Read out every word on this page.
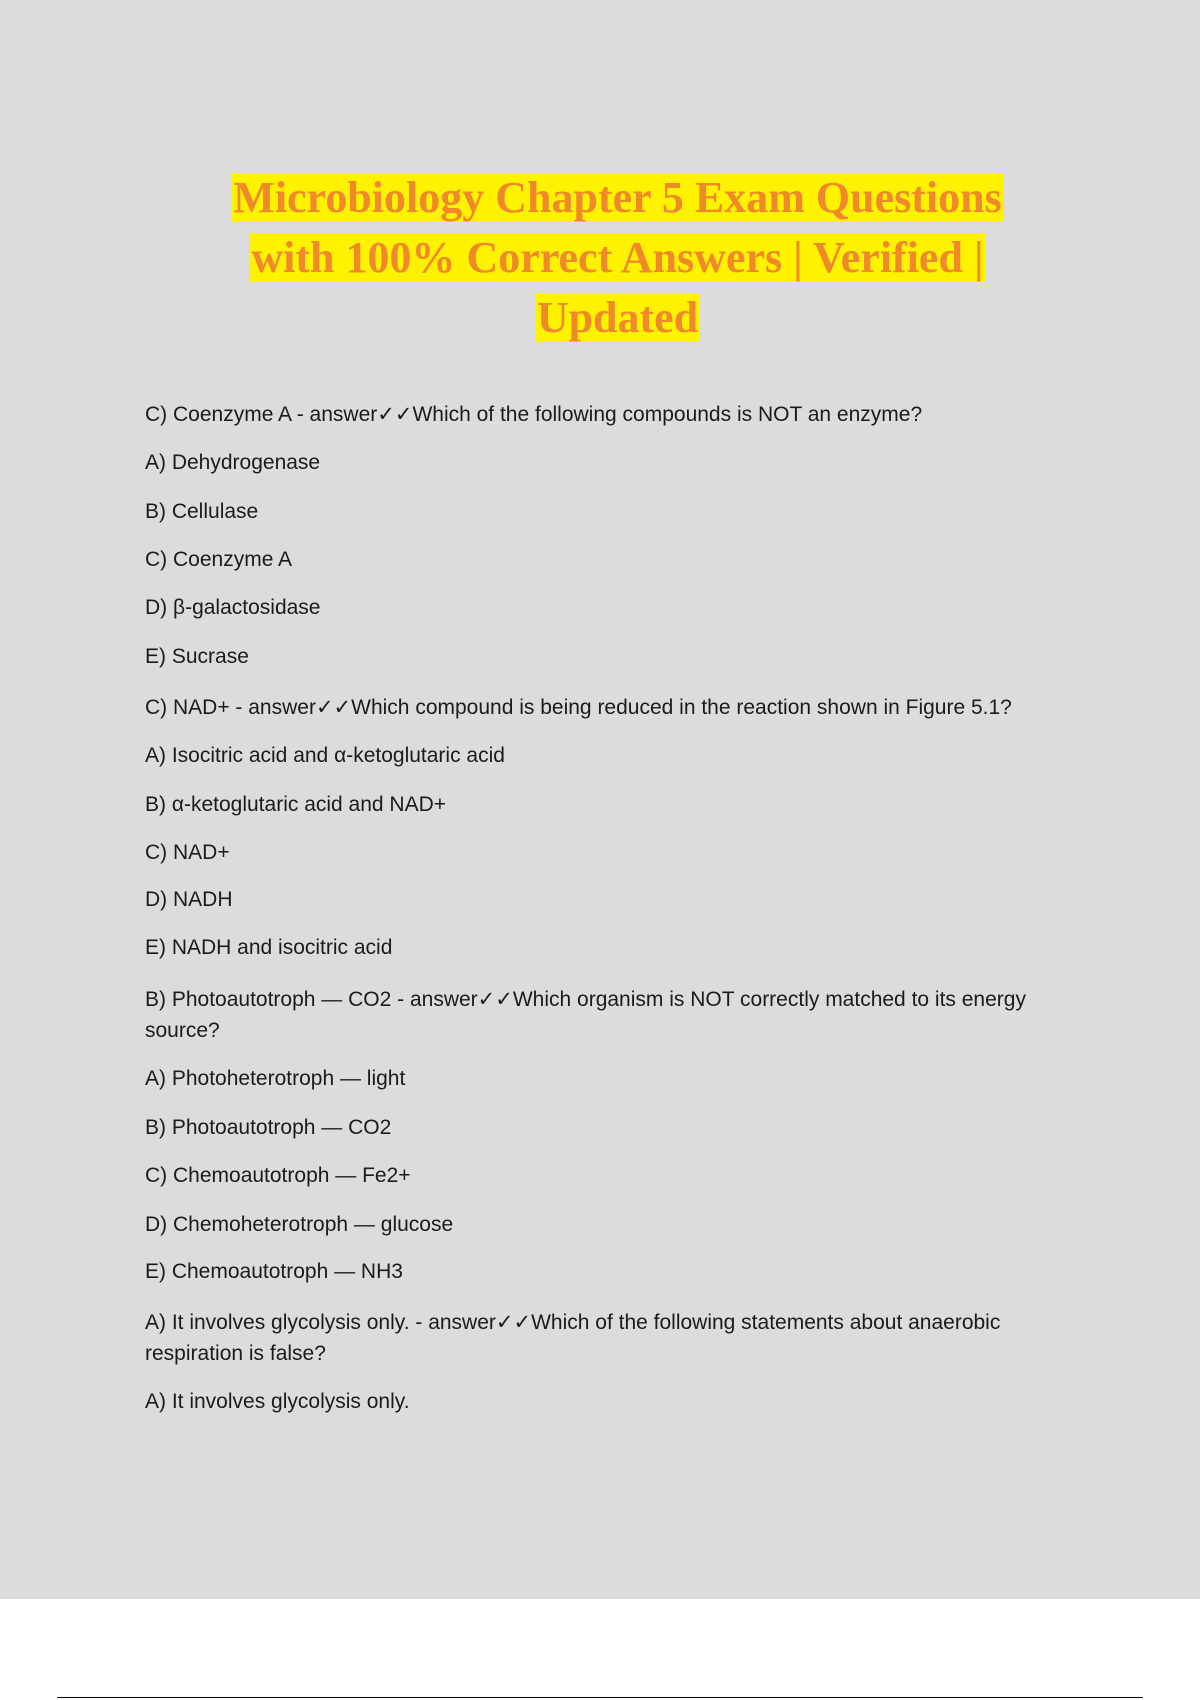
Microbiology Chapter 5 Exam Questions
with 100% Correct Answers | Verified |
Updated
C) Coenzyme A - answer✓✓Which of the following compounds is NOT an enzyme?
A) Dehydrogenase
B) Cellulase
C) Coenzyme A
D) β-galactosidase
E) Sucrase
C) NAD+ - answer✓✓Which compound is being reduced in the reaction shown in Figure 5.1?
A) Isocitric acid and α-ketoglutaric acid
B) α-ketoglutaric acid and NAD+
C) NAD+
D) NADH
E) NADH and isocitric acid
B) Photoautotroph — CO2 - answer✓✓Which organism is NOT correctly matched to its energy source?
A) Photoheterotroph — light
B) Photoautotroph — CO2
C) Chemoautotroph — Fe2+
D) Chemoheterotroph — glucose
E) Chemoautotroph — NH3
A) It involves glycolysis only. - answer✓✓Which of the following statements about anaerobic respiration is false?
A) It involves glycolysis only.
